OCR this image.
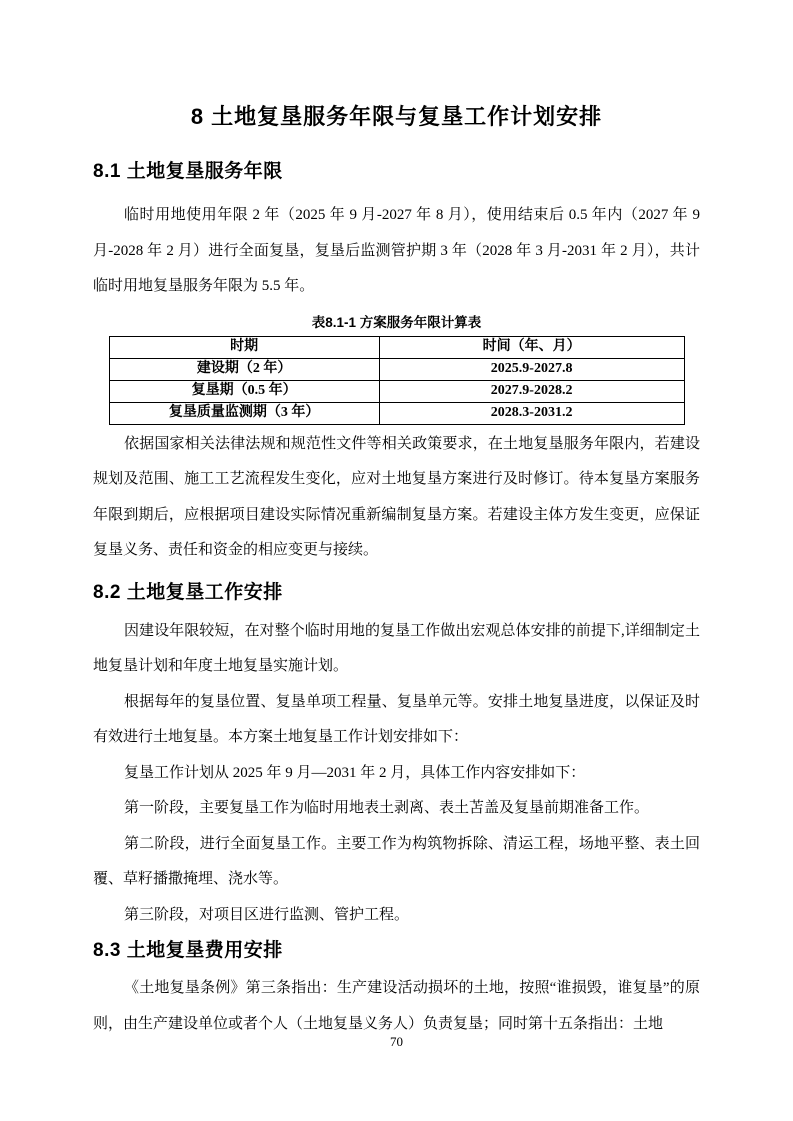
8 土地复垦服务年限与复垦工作计划安排
8.1 土地复垦服务年限

临时用地使用年限 2 年（2025 年 9 月-2027 年 8 月），使用结束后 0.5 年内（2027 年 9 月-2028 年 2 月）进行全面复垦，复垦后监测管护期 3 年（2028 年 3 月-2031 年 2 月），共计临时用地复垦服务年限为 5.5 年。

表8.1-1 方案服务年限计算表
时期	时间（年、月）
建设期（2 年）	2025.9-2027.8
复垦期（0.5 年）	2027.9-2028.2
复垦质量监测期（3 年）	2028.3-2031.2

依据国家相关法律法规和规范性文件等相关政策要求，在土地复垦服务年限内，若建设规划及范围、施工工艺流程发生变化，应对土地复垦方案进行及时修订。待本复垦方案服务年限到期后，应根据项目建设实际情况重新编制复垦方案。若建设主体方发生变更，应保证复垦义务、责任和资金的相应变更与接续。

8.2 土地复垦工作安排

因建设年限较短，在对整个临时用地的复垦工作做出宏观总体安排的前提下,详细制定土地复垦计划和年度土地复垦实施计划。

根据每年的复垦位置、复垦单项工程量、复垦单元等。安排土地复垦进度，以保证及时有效进行土地复垦。本方案土地复垦工作计划安排如下：

复垦工作计划从 2025 年 9 月—2031 年 2 月，具体工作内容安排如下：

第一阶段，主要复垦工作为临时用地表土剥离、表土苫盖及复垦前期准备工作。

第二阶段，进行全面复垦工作。主要工作为构筑物拆除、清运工程，场地平整、表土回覆、草籽播撒掩埋、浇水等。

第三阶段，对项目区进行监测、管护工程。

8.3 土地复垦费用安排

《土地复垦条例》第三条指出：生产建设活动损坏的土地，按照“谁损毁，谁复垦”的原则，由生产建设单位或者个人（土地复垦义务人）负责复垦；同时第十五条指出：土地

70
